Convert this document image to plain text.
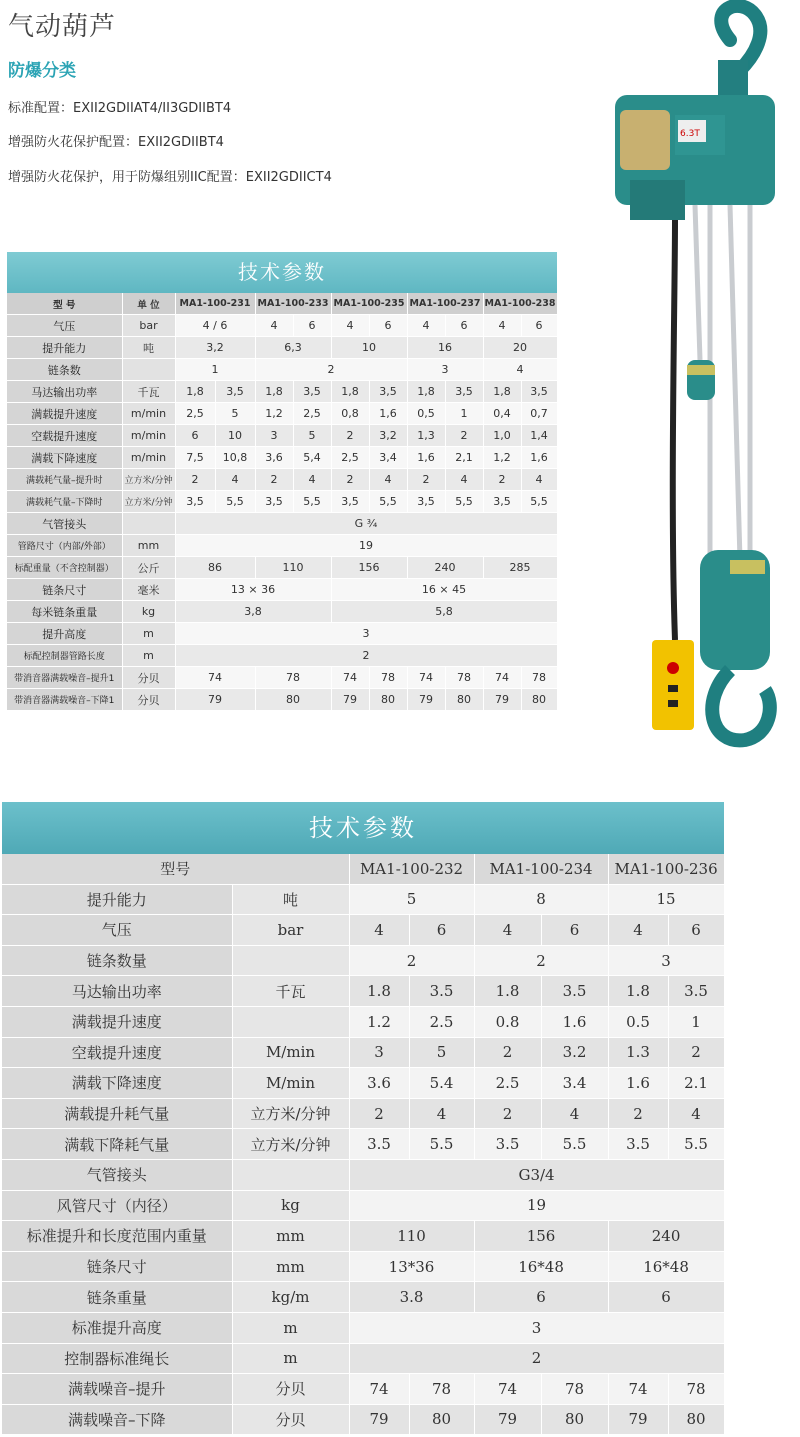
气动葫芦
防爆分类
标准配置：EXII2GDIIAT4/II3GDIIBT4
增强防火花保护配置：EXII2GDIIBT4
增强防火花保护，用于防爆组别IIC配置：EXII2GDIICT4
6.3T
技术参数
型 号	单 位	MA1-100-231		MA1-100-233		MA1-100-235		MA1-100-237		MA1-100-238	
气压	bar	4 / 6		4	6	4	6	4	6	4	6
提升能力	吨	3,2		6,3		10		16		20	
链条数		1		2				3		4	
马达输出功率	千瓦	1,8	3,5	1,8	3,5	1,8	3,5	1,8	3,5	1,8	3,5
满载提升速度	m/min	2,5	5	1,2	2,5	0,8	1,6	0,5	1	0,4	0,7
空载提升速度	m/min	6	10	3	5	2	3,2	1,3	2	1,0	1,4
满载下降速度	m/min	7,5	10,8	3,6	5,4	2,5	3,4	1,6	2,1	1,2	1,6
满载耗气量–提升时	立方米/分钟	2	4	2	4	2	4	2	4	2	4
满载耗气量–下降时	立方米/分钟	3,5	5,5	3,5	5,5	3,5	5,5	3,5	5,5	3,5	5,5
气管接头		G ¾									
管路尺寸（内部/外部）	mm	19									
标配重量（不含控制器）	公斤	86		110		156		240		285	
链条尺寸	毫米	13 × 36				16 × 45					
每米链条重量	kg	3,8				5,8					
提升高度	m	3									
标配控制器管路长度	m	2									
带消音器满载噪音–提升1	分贝	74		78		74	78	74	78	74	78
带消音器满载噪音–下降1	分贝	79		80		79	80	79	80	79	80
技术参数
型号		MA1-100-232		MA1-100-234		MA1-100-236	
提升能力	吨	5		8		15	
气压	bar	4	6	4	6	4	6
链条数量		2		2		3	
马达输出功率	千瓦	1.8	3.5	1.8	3.5	1.8	3.5
满载提升速度		1.2	2.5	0.8	1.6	0.5	1
空载提升速度	M/min	3	5	2	3.2	1.3	2
满载下降速度	M/min	3.6	5.4	2.5	3.4	1.6	2.1
满载提升耗气量	立方米/分钟	2	4	2	4	2	4
满载下降耗气量	立方米/分钟	3.5	5.5	3.5	5.5	3.5	5.5
气管接头		G3/4					
风管尺寸（内径）	kg	19					
标准提升和长度范围内重量	mm	110		156		240	
链条尺寸	mm	13*36		16*48		16*48	
链条重量	kg/m	3.8		6		6	
标准提升高度	m	3					
控制器标准绳长	m	2					
满载噪音–提升	分贝	74	78	74	78	74	78
满载噪音–下降	分贝	79	80	79	80	79	80
